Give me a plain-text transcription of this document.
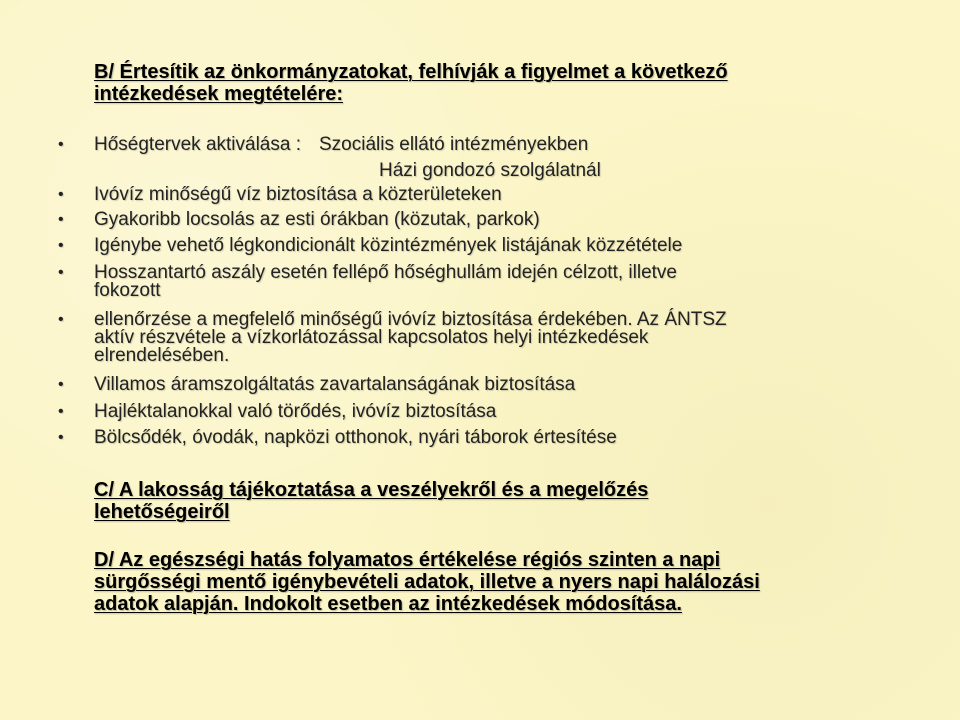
B/ Értesítik az önkormányzatokat, felhívják a figyelmet a következő
intézkedések megtételére:
• Hőségtervek aktiválása : Szociális ellátó intézményekben
Házi gondozó szolgálatnál
• Ivóvíz minőségű víz biztosítása a közterületeken
• Gyakoribb locsolás az esti órákban (közutak, parkok)
• Igénybe vehető légkondicionált közintézmények listájának közzététele
• Hosszantartó aszály esetén fellépő hőséghullám idején célzott, illetve
fokozott
• ellenőrzése a megfelelő minőségű ivóvíz biztosítása érdekében. Az ÁNTSZ
aktív részvétele a vízkorlátozással kapcsolatos helyi intézkedések
elrendelésében.
• Villamos áramszolgáltatás zavartalanságának biztosítása
• Hajléktalanokkal való törődés, ivóvíz biztosítása
• Bölcsődék, óvodák, napközi otthonok, nyári táborok értesítése
C/ A lakosság tájékoztatása a veszélyekről és a megelőzés
lehetőségeiről
D/ Az egészségi hatás folyamatos értékelése régiós szinten a napi
sürgősségi mentő igénybevételi adatok, illetve a nyers napi halálozási
adatok alapján. Indokolt esetben az intézkedések módosítása.
